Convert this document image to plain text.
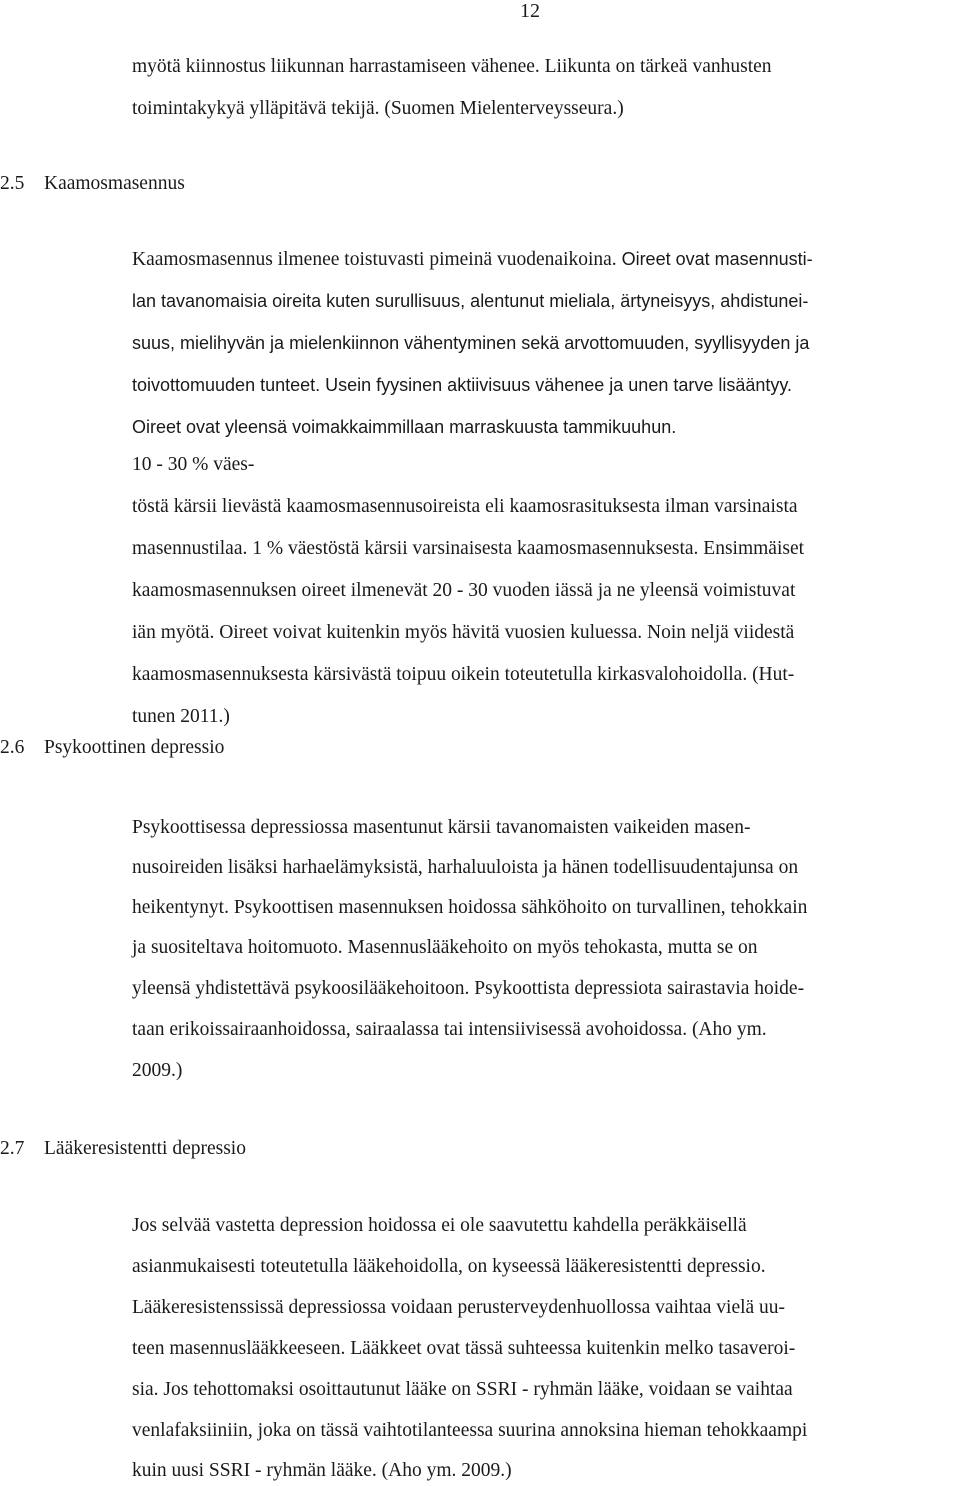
12
myötä kiinnostus liikunnan harrastamiseen vähenee. Liikunta on tärkeä vanhusten
toimintakykyä ylläpitävä tekijä. (Suomen Mielenterveysseura.)
2.5 Kaamosmasennus
Kaamosmasennus ilmenee toistuvasti pimeinä vuodenaikoina. Oireet ovat masennusti-
lan tavanomaisia oireita kuten surullisuus, alentunut mieliala, ärtyneisyys, ahdistunei-
suus, mielihyvän ja mielenkiinnon vähentyminen sekä arvottomuuden, syyllisyyden ja
toivottomuuden tunteet. Usein fyysinen aktiivisuus vähenee ja unen tarve lisääntyy.
Oireet ovat yleensä voimakkaimmillaan marraskuusta tammikuuhun.
10 - 30 % väes-
töstä kärsii lievästä kaamosmasennusoireista eli kaamosrasituksesta ilman varsinaista
masennustilaa. 1 % väestöstä kärsii varsinaisesta kaamosmasennuksesta. Ensimmäiset
kaamosmasennuksen oireet ilmenevät 20 - 30 vuoden iässä ja ne yleensä voimistuvat
iän myötä. Oireet voivat kuitenkin myös hävitä vuosien kuluessa. Noin neljä viidestä
kaamosmasennuksesta kärsivästä toipuu oikein toteutetulla kirkasvalohoidolla. (Hut-
tunen 2011.)
2.6 Psykoottinen depressio
Psykoottisessa depressiossa masentunut kärsii tavanomaisten vaikeiden masen-
nusoireiden lisäksi harhaelämyksistä, harhaluuloista ja hänen todellisuudentajunsa on
heikentynyt. Psykoottisen masennuksen hoidossa sähköhoito on turvallinen, tehokkain
ja suositeltava hoitomuoto. Masennuslääkehoito on myös tehokasta, mutta se on
yleensä yhdistettävä psykoosilääkehoitoon. Psykoottista depressiota sairastavia hoide-
taan erikoissairaanhoidossa, sairaalassa tai intensiivisessä avohoidossa. (Aho ym.
2009.)
2.7 Lääkeresistentti depressio
Jos selvää vastetta depression hoidossa ei ole saavutettu kahdella peräkkäisellä
asianmukaisesti toteutetulla lääkehoidolla, on kyseessä lääkeresistentti depressio.
Lääkeresistenssissä depressiossa voidaan perusterveydenhuollossa vaihtaa vielä uu-
teen masennuslääkkeeseen. Lääkkeet ovat tässä suhteessa kuitenkin melko tasaveroi-
sia. Jos tehottomaksi osoittautunut lääke on SSRI - ryhmän lääke, voidaan se vaihtaa
venlafaksiiniin, joka on tässä vaihtotilanteessa suurina annoksina hieman tehokkaampi
kuin uusi SSRI - ryhmän lääke. (Aho ym. 2009.)
